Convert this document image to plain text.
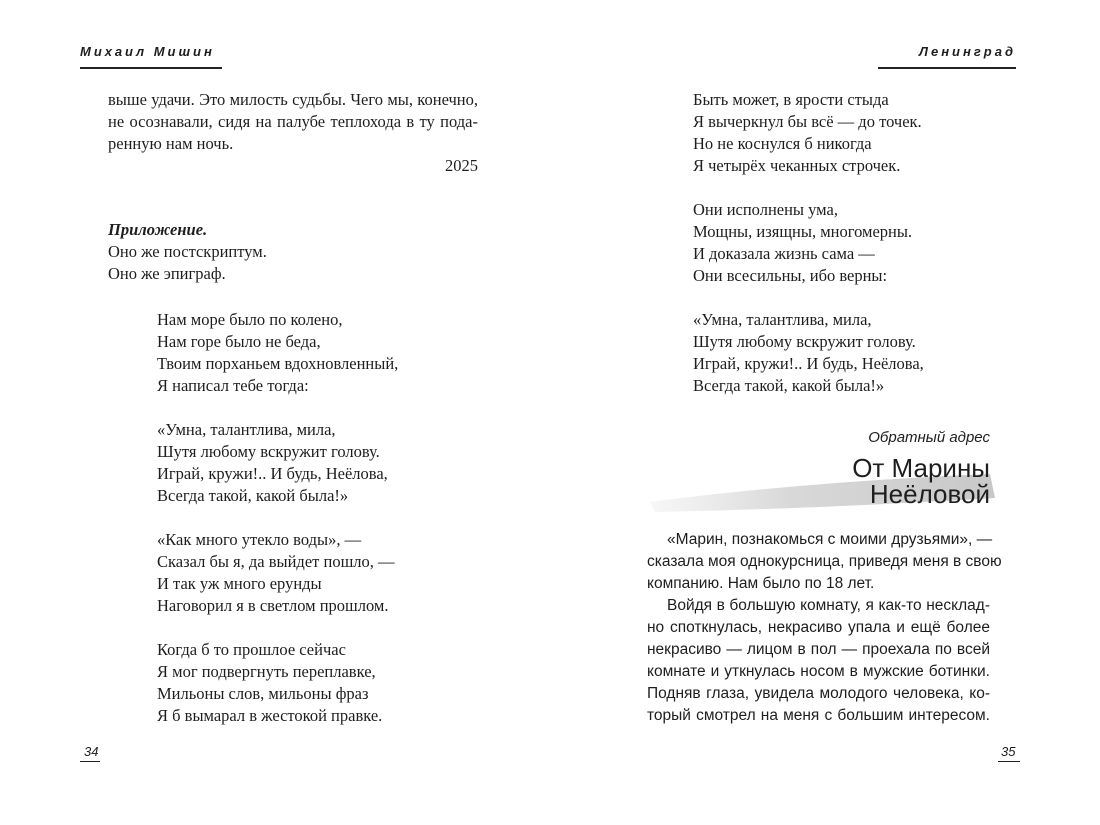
Михаил Мишин
выше удачи. Это милость судьбы. Чего мы, конечно,
не осознавали, сидя на палубе теплохода в ту пода-
ренную нам ночь.
2025
Приложение.
Оно же постскриптум.
Оно же эпиграф.
Нам море было по колено,
Нам горе было не беда,
Твоим порханьем вдохновленный,
Я написал тебе тогда:
«Умна, талантлива, мила,
Шутя любому вскружит голову.
Играй, кружи!.. И будь, Неёлова,
Всегда такой, какой была!»
«Как много утекло воды», —
Сказал бы я, да выйдет пошло, —
И так уж много ерунды
Наговорил я в светлом прошлом.
Когда б то прошлое сейчас
Я мог подвергнуть переплавке,
Мильоны слов, мильоны фраз
Я б вымарал в жестокой правке.
34
Ленинград
Быть может, в ярости стыда
Я вычеркнул бы всё — до точек.
Но не коснулся б никогда
Я четырёх чеканных строчек.
Они исполнены ума,
Мощны, изящны, многомерны.
И доказала жизнь сама —
Они всесильны, ибо верны:
«Умна, талантлива, мила,
Шутя любому вскружит голову.
Играй, кружи!.. И будь, Неёлова,
Всегда такой, какой была!»
Обратный адрес
От Марины
Неёловой
«Марин, познакомься с моими друзьями», —
сказала моя однокурсница, приведя меня в свою
компанию. Нам было по 18 лет.
Войдя в большую комнату, я как-то несклад-
но споткнулась, некрасиво упала и ещё более
некрасиво — лицом в пол — проехала по всей
комнате и уткнулась носом в мужские ботинки.
Подняв глаза, увидела молодого человека, ко-
торый смотрел на меня с большим интересом.
35
